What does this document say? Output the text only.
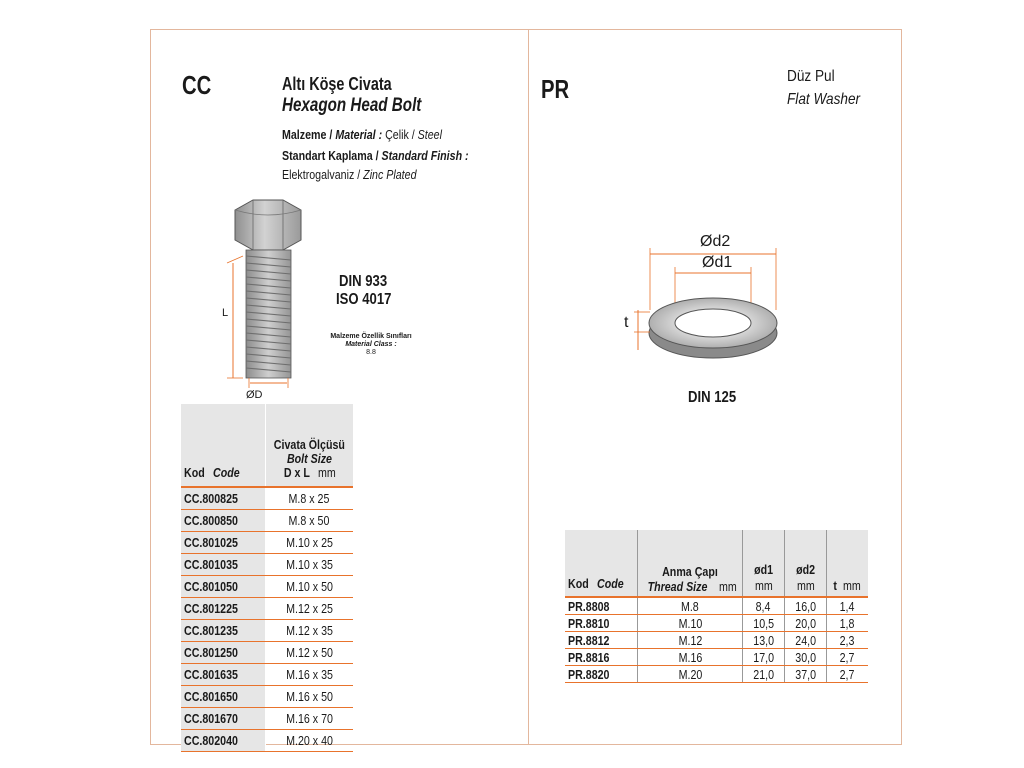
CC	Altı Köşe Civata
Hexagon Head Bolt
Malzeme / Material : Çelik / Steel
Standart Kaplama / Standard Finish :
Elektrogalvaniz / Zinc Plated
L
ØD
DIN 933
ISO 4017
Malzeme Özellik Sınıfları
Material Class :
8.8
Kod Code	Civata Ölçüsü Bolt Size D x L mm
CC.800825	M.8 x 25
CC.800850	M.8 x 50
CC.801025	M.10 x 25
CC.801035	M.10 x 35
CC.801050	M.10 x 50
CC.801225	M.12 x 25
CC.801235	M.12 x 35
CC.801250	M.12 x 50
CC.801635	M.16 x 35
CC.801650	M.16 x 50
CC.801670	M.16 x 70
CC.802040	M.20 x 40
PR	Düz Pul
Flat Washer
Ød2
Ød1
t
DIN 125
Kod Code	Anma Çapı Thread Size mm	ød1 mm	ød2 mm	t mm
PR.8808	M.8	8,4	16,0	1,4
PR.8810	M.10	10,5	20,0	1,8
PR.8812	M.12	13,0	24,0	2,3
PR.8816	M.16	17,0	30,0	2,7
PR.8820	M.20	21,0	37,0	2,7
